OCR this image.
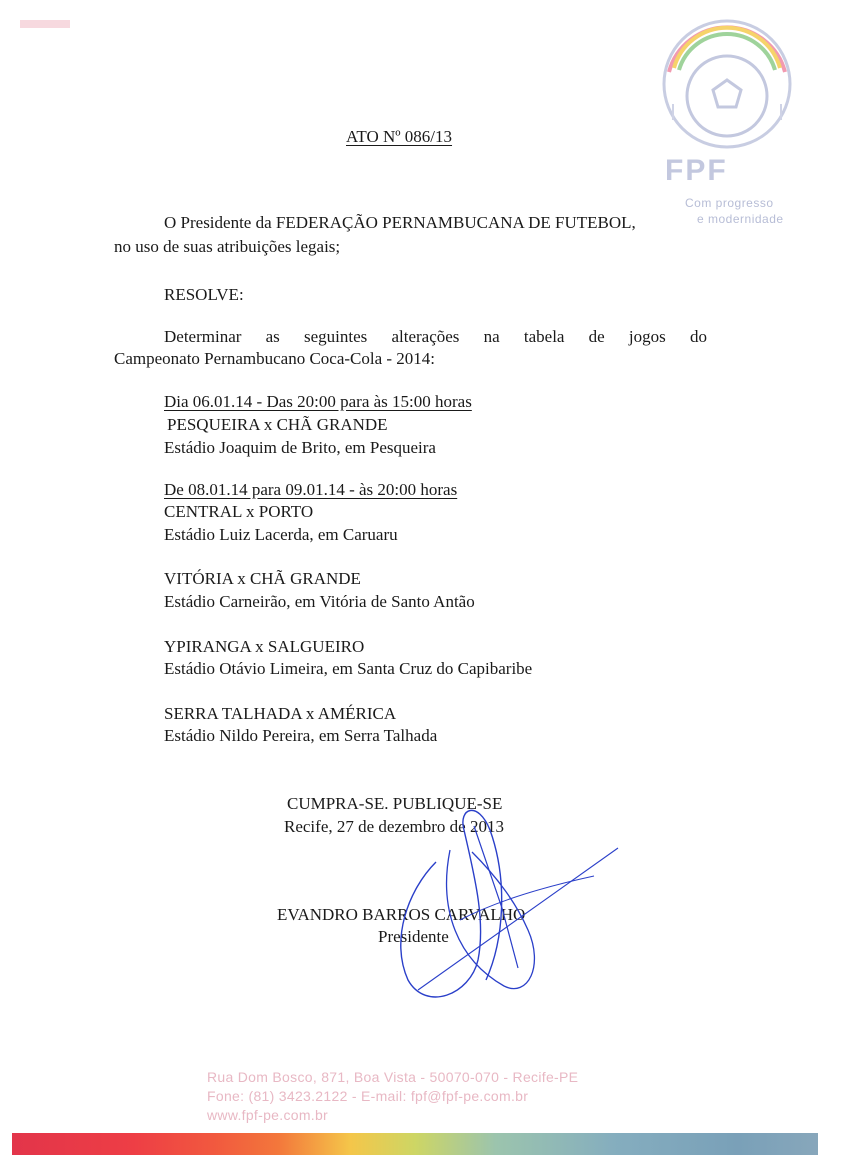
FPF
Com progresso
e modernidade
ATO Nº 086/13
O Presidente da FEDERAÇÃO PERNAMBUCANA DE FUTEBOL,
no uso de suas atribuições legais;
RESOLVE:
Determinar as seguintes alterações na tabela de jogos do
Campeonato Pernambucano Coca-Cola - 2014:
Dia 06.01.14 - Das 20:00 para às 15:00 horas
PESQUEIRA x CHÃ GRANDE
Estádio Joaquim de Brito, em Pesqueira
De 08.01.14 para 09.01.14 - às 20:00 horas
CENTRAL x PORTO
Estádio Luiz Lacerda, em Caruaru
VITÓRIA x CHÃ GRANDE
Estádio Carneirão, em Vitória de Santo Antão
YPIRANGA x SALGUEIRO
Estádio Otávio Limeira, em Santa Cruz do Capibaribe
SERRA TALHADA x AMÉRICA
Estádio Nildo Pereira, em Serra Talhada
CUMPRA-SE. PUBLIQUE-SE
Recife, 27 de dezembro de 2013
EVANDRO BARROS CARVALHO
Presidente
Rua Dom Bosco, 871, Boa Vista - 50070-070 - Recife-PE
Fone: (81) 3423.2122 - E-mail: fpf@fpf-pe.com.br
www.fpf-pe.com.br
